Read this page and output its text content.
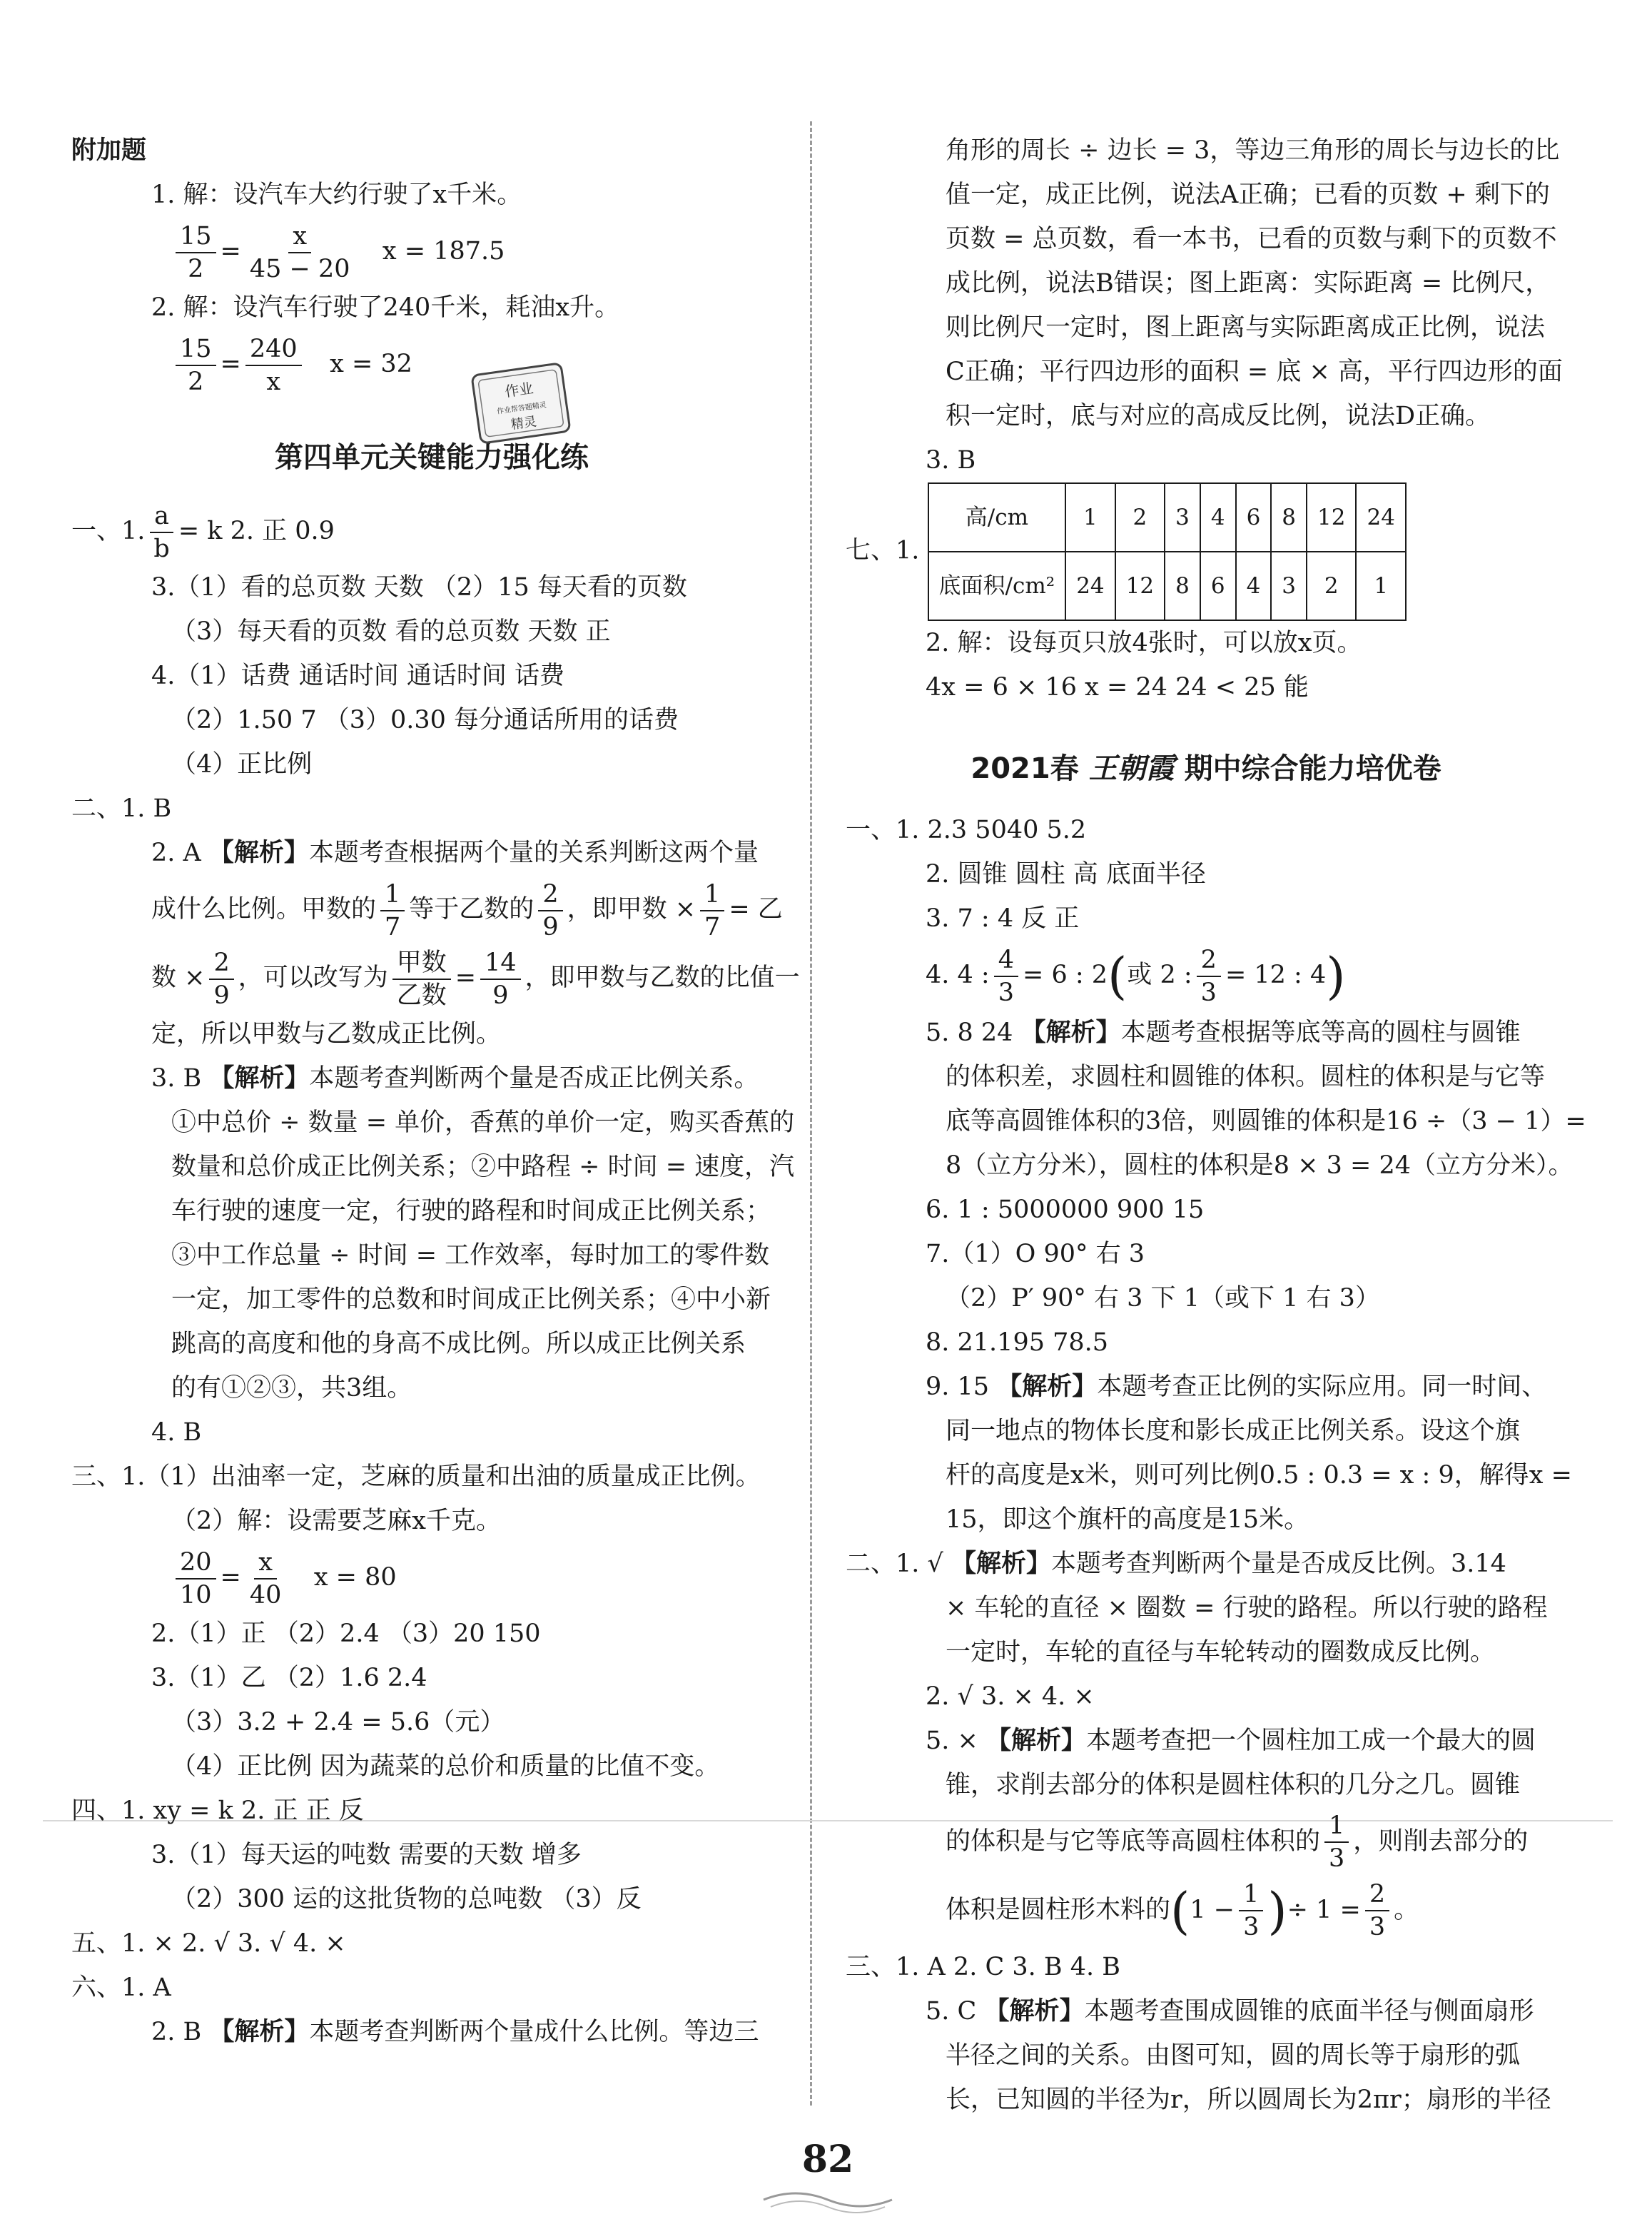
附加题
1. 解：设汽车大约行驶了x千米。
$\frac{15}{2} = \frac{x}{45 - 20}$ x = 187.5
2. 解：设汽车行驶了240千米，耗油x升。
$\frac{15}{2} = \frac{240}{x}$ x = 32
第四单元关键能力强化练
一、1. $\frac{a}{b} = k$ 2. 正 0.9
3.（1）看的总页数 天数 （2）15 每天看的页数
（3）每天看的页数 看的总页数 天数 正
4.（1）话费 通话时间 通话时间 话费
（2）1.50 7 （3）0.30 每分通话所用的话费
（4）正比例
二、1. B
2. A 【解析】本题考查根据两个量的关系判断这两个量
成什么比例。甲数的 $\frac{1}{7}$ 等于乙数的 $\frac{2}{9}$ ，即甲数 × $\frac{1}{7}$ = 乙
数 × $\frac{2}{9}$ ，可以改写为 $\frac{\text{甲数}}{\text{乙数}} = \frac{14}{9}$ ，即甲数与乙数的比值一
定，所以甲数与乙数成正比例。
3. B 【解析】本题考查判断两个量是否成正比例关系。
①中总价 ÷ 数量 = 单价，香蕉的单价一定，购买香蕉的
数量和总价成正比例关系；②中路程 ÷ 时间 = 速度，汽
车行驶的速度一定，行驶的路程和时间成正比例关系；
③中工作总量 ÷ 时间 = 工作效率，每时加工的零件数
一定，加工零件的总数和时间成正比例关系；④中小新
跳高的高度和他的身高不成比例。所以成正比例关系
的有①②③，共3组。
4. B
三、1.（1）出油率一定，芝麻的质量和出油的质量成正比例。
（2）解：设需要芝麻x千克。
$\frac{20}{10} = \frac{x}{40}$ x = 80
2.（1）正 （2）2.4 （3）20 150
3.（1）乙 （2）1.6 2.4
（3）3.2 + 2.4 = 5.6（元）
（4）正比例 因为蔬菜的总价和质量的比值不变。
四、1. xy = k 2. 正 正 反
3.（1）每天运的吨数 需要的天数 增多
（2）300 运的这批货物的总吨数 （3）反
五、1. × 2. √ 3. √ 4. ×
六、1. A
2. B 【解析】本题考查判断两个量成什么比例。等边三
作业
作业帮答题精灵
精灵
角形的周长 ÷ 边长 = 3，等边三角形的周长与边长的比
值一定，成正比例，说法A正确；已看的页数 + 剩下的
页数 = 总页数，看一本书，已看的页数与剩下的页数不
成比例，说法B错误；图上距离：实际距离 = 比例尺，
则比例尺一定时，图上距离与实际距离成正比例，说法
C正确；平行四边形的面积 = 底 × 高，平行四边形的面
积一定时，底与对应的高成反比例，说法D正确。
3. B
七、1. 高/cm	1	2	3	4	6	8	12	24
底面积/cm²	24	12	8	6	4	3	2	1
2. 解：设每页只放4张时，可以放x页。
4x = 6 × 16 x = 24 24 < 25 能
2021春 王朝霞 期中综合能力培优卷
一、1. 2.3 5040 5.2
2. 圆锥 圆柱 高 底面半径
3. 7 : 4 反 正
4. 4 : $\frac{4}{3} = 6$ : 2(或 2 : $\frac{2}{3} = 12$ : 4)
5. 8 24 【解析】本题考查根据等底等高的圆柱与圆锥
的体积差，求圆柱和圆锥的体积。圆柱的体积是与它等
底等高圆锥体积的3倍，则圆锥的体积是16 ÷（3 − 1）=
8（立方分米），圆柱的体积是8 × 3 = 24（立方分米）。
6. 1 : 5000000 900 15
7.（1）O 90° 右 3
（2）P′ 90° 右 3 下 1（或下 1 右 3）
8. 21.195 78.5
9. 15 【解析】本题考查正比例的实际应用。同一时间、
同一地点的物体长度和影长成正比例关系。设这个旗
杆的高度是x米，则可列比例0.5 : 0.3 = x : 9，解得x =
15，即这个旗杆的高度是15米。
二、1. √ 【解析】本题考查判断两个量是否成反比例。3.14
× 车轮的直径 × 圈数 = 行驶的路程。所以行驶的路程
一定时，车轮的直径与车轮转动的圈数成反比例。
2. √ 3. × 4. ×
5. × 【解析】本题考查把一个圆柱加工成一个最大的圆
锥，求削去部分的体积是圆柱体积的几分之几。圆锥
的体积是与它等底等高圆柱体积的 $\frac{1}{3}$ ，则削去部分的
体积是圆柱形木料的($1 - \frac{1}{3}$ )÷ $1 = \frac{2}{3}$ 。
三、1. A 2. C 3. B 4. B
5. C 【解析】本题考查围成圆锥的底面半径与侧面扇形
半径之间的关系。由图可知，圆的周长等于扇形的弧
长，已知圆的半径为r，所以圆周长为2πr；扇形的半径
82
